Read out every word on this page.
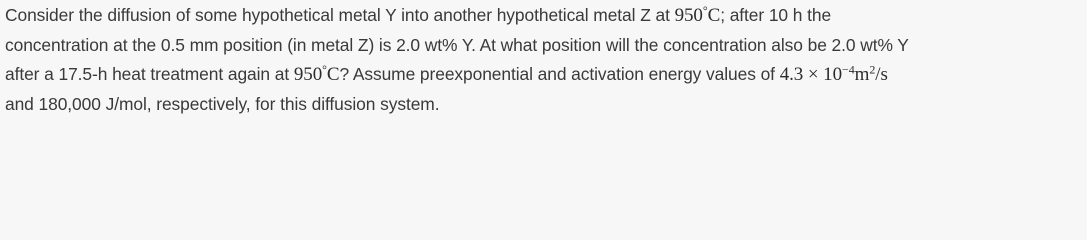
Consider the diffusion of some hypothetical metal Y into another hypothetical metal Z at 950°C; after 10 h the
concentration at the 0.5 mm position (in metal Z) is 2.0 wt% Y. At what position will the concentration also be 2.0 wt% Y
after a 17.5-h heat treatment again at 950°C? Assume preexponential and activation energy values of $4.3 \times 10^{-4}m^2/s$
and 180,000 J/mol, respectively, for this diffusion system.
